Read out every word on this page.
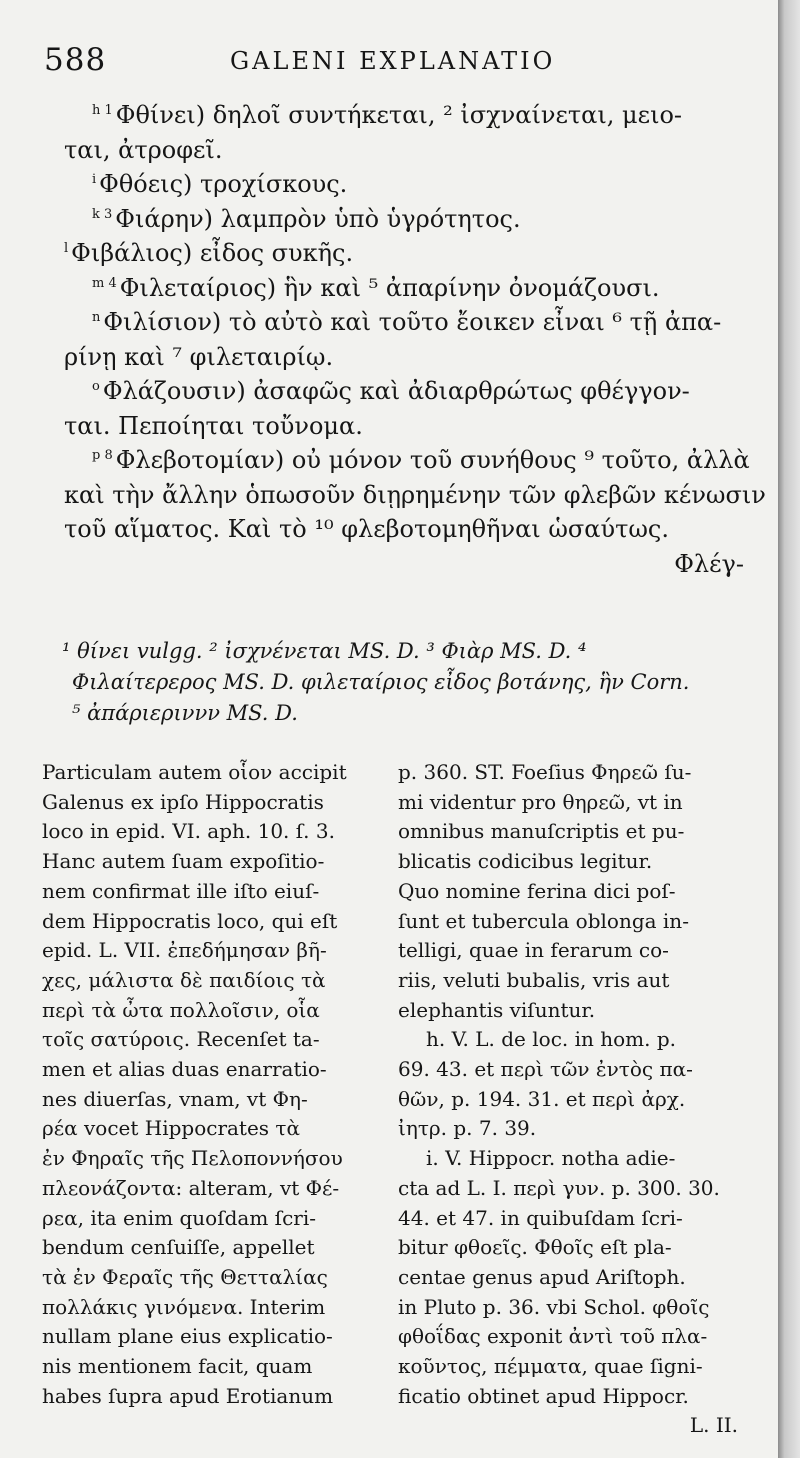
588	GALENI EXPLANATIO
$^{h 1}$ Φθίνει) δηλοῖ συντήκεται, ² ἰσχναίνεται, μειο-
ται, ἀτροφεῖ.
$^i$ Φθόεις) τροχίσκους.
$^{k 3}$ Φιάρην) λαμπρὸν ὑπὸ ὑγρότητος.
$^l$ Φιβάλιος) εἶδος συκῆς.
$^{m 4}$ Φιλεταίριος) ἣν καὶ ⁵ ἀπαρίνην ὀνομάζουσι.
$^n$ Φιλίσιον) τὸ αὐτὸ καὶ τοῦτο ἔοικεν εἶναι ⁶ τῇ ἀπα-
ρίνῃ καὶ ⁷ φιλεταιρίῳ.
$^o$ Φλάζουσιν) ἀσαφῶς καὶ ἀδιαρθρώτως φθέγγον-
ται. Πεποίηται τοὔνομα.
$^{p 8}$ Φλεβοτομίαν) οὐ μόνον τοῦ συνήθους ⁹ τοῦτο, ἀλλὰ
καὶ τὴν ἄλλην ὁπωσοῦν διῃρημένην τῶν φλεβῶν κένωσιν
τοῦ αἵματος. Καὶ τὸ ¹⁰ φλεβοτομηθῆναι ὡσαύτως.
Φλέγ-
¹ θίνει vulgg. ² ἰσχνένεται MS. D. ³ Φιὰρ MS. D. ⁴
Φιλαίτερερος MS. D. φιλεταίριος εἶδος βοτάνης, ἣν Corn.
⁵ ἀπάριεριννν MS. D.
Particulam autem οἷον accipit
Galenus ex ipſo Hippocratis
loco in epid. VI. aph. 10. ſ. 3.
Hanc autem ſuam expoſitio-
nem confirmat ille iſto eiuſ-
dem Hippocratis loco, qui eſt
epid. L. VII. ἐπεδήμησαν βῆ-
χες, μάλιστα δὲ παιδίοις τὰ
περὶ τὰ ὦτα πολλοῖσιν, οἷα
τοῖς σατύροις. Recenſet ta-
men et alias duas enarratio-
nes diuerſas, vnam, vt Φη-
ρέα vocet Hippocrates τὰ
ἐν Φηραῖς τῆς Πελοποννήσου
πλεονάζοντα: alteram, vt Φέ-
ρεα, ita enim quoſdam ſcri-
bendum cenſuiſſe, appellet
τὰ ἐν Φεραῖς τῆς Θετταλίας
πολλάκις γινόμενα. Interim
nullam plane eius explicatio-
nis mentionem facit, quam
habes ſupra apud Erotianum
p. 360. ST. Foeſius Φηρεῶ ſu-
mi videntur pro θηρεῶ, vt in
omnibus manuſcriptis et pu-
blicatis codicibus legitur.
Quo nomine ferina dici poſ-
ſunt et tubercula oblonga in-
telligi, quae in ferarum co-
riis, veluti bubalis, vris aut
elephantis viſuntur.
h. V. L. de loc. in hom. p.
69. 43. et περὶ τῶν ἐντὸς πα-
θῶν, p. 194. 31. et περὶ ἀρχ.
ἰητρ. p. 7. 39.
i. V. Hippocr. notha adie-
cta ad L. I. περὶ γυν. p. 300. 30.
44. et 47. in quibuſdam ſcri-
bitur φθοεῖς. Φθοῖς eſt pla-
centae genus apud Ariſtoph.
in Pluto p. 36. vbi Schol. φθοῖς
φθοΐδας exponit ἀντὶ τοῦ πλα-
κοῦντος, πέμματα, quae ſigni-
ficatio obtinet apud Hippocr.
L. II.
